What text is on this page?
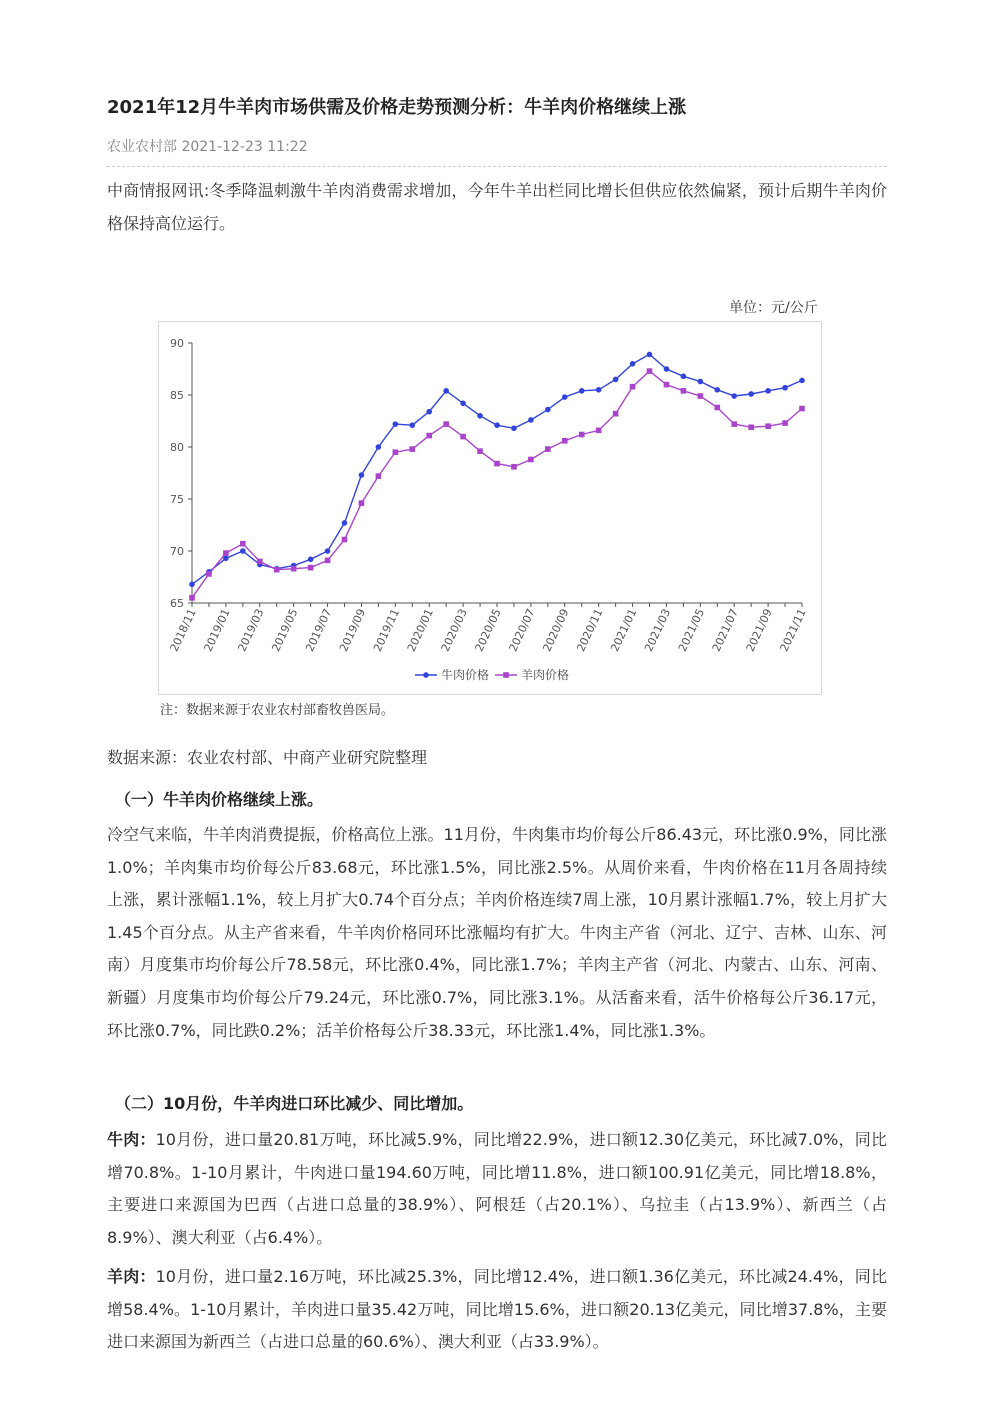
2021年12月牛羊肉市场供需及价格走势预测分析：牛羊肉价格继续上涨
农业农村部 2021-12-23 11:22

中商情报网讯:冬季降温刺激牛羊肉消费需求增加，今年牛羊出栏同比增长但供应依然偏紧，预计后期牛羊肉价格保持高位运行。

单位：元/公斤
65
70
75
80
85
90
2018/11 2019/01 2019/03 2019/05 2019/07 2019/09 2019/11 2020/01 2020/03 2020/05 2020/07 2020/09 2020/11 2021/01 2021/03 2021/05 2021/07 2021/09 2021/11
牛肉价格	羊肉价格
注：数据来源于农业农村部畜牧兽医局。
数据来源：农业农村部、中商产业研究院整理

（一）牛羊肉价格继续上涨。

冷空气来临，牛羊肉消费提振，价格高位上涨。11月份，牛肉集市均价每公斤86.43元，环比涨0.9%，同比涨1.0%；羊肉集市均价每公斤83.68元，环比涨1.5%，同比涨2.5%。从周价来看，牛肉价格在11月各周持续上涨，累计涨幅1.1%，较上月扩大0.74个百分点；羊肉价格连续7周上涨，10月累计涨幅1.7%，较上月扩大1.45个百分点。从主产省来看，牛羊肉价格同环比涨幅均有扩大。牛肉主产省（河北、辽宁、吉林、山东、河南）月度集市均价每公斤78.58元，环比涨0.4%，同比涨1.7%；羊肉主产省（河北、内蒙古、山东、河南、新疆）月度集市均价每公斤79.24元，环比涨0.7%，同比涨3.1%。从活畜来看，活牛价格每公斤36.17元，环比涨0.7%，同比跌0.2%；活羊价格每公斤38.33元，环比涨1.4%，同比涨1.3%。

（二）10月份，牛羊肉进口环比减少、同比增加。

牛肉：10月份，进口量20.81万吨，环比减5.9%，同比增22.9%，进口额12.30亿美元，环比减7.0%，同比增70.8%。1-10月累计，牛肉进口量194.60万吨，同比增11.8%，进口额100.91亿美元，同比增18.8%，主要进口来源国为巴西（占进口总量的38.9%）、阿根廷（占20.1%）、乌拉圭（占13.9%）、新西兰（占8.9%）、澳大利亚（占6.4%）。

羊肉：10月份，进口量2.16万吨，环比减25.3%，同比增12.4%，进口额1.36亿美元，环比减24.4%，同比增58.4%。1-10月累计，羊肉进口量35.42万吨，同比增15.6%，进口额20.13亿美元，同比增37.8%，主要进口来源国为新西兰（占进口总量的60.6%）、澳大利亚（占33.9%）。
